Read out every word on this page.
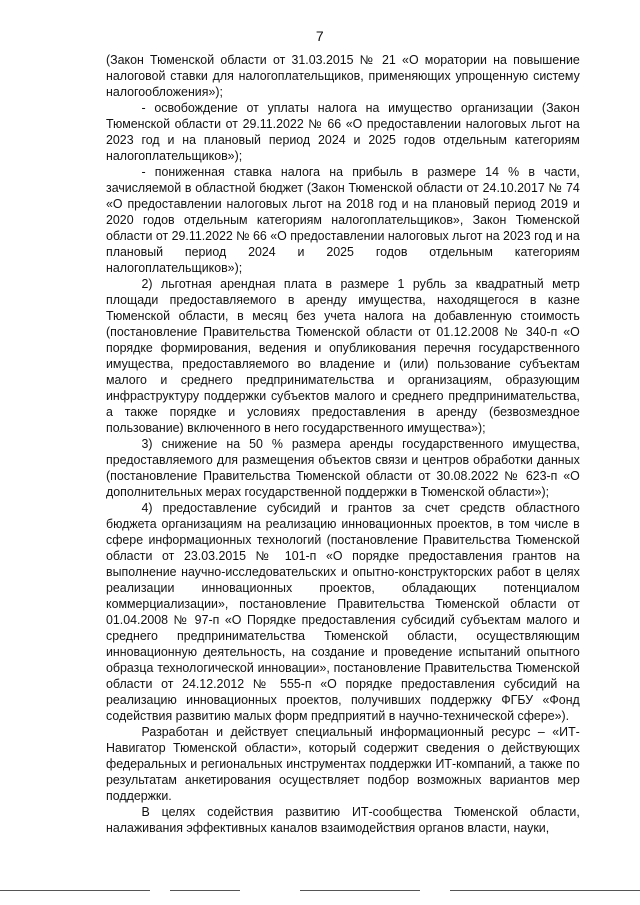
7

(Закон Тюменской области от 31.03.2015 № 21 «О моратории на повышение налоговой ставки для налогоплательщиков, применяющих упрощенную систему налогообложения»);

- освобождение от уплаты налога на имущество организации (Закон Тюменской области от 29.11.2022 № 66 «О предоставлении налоговых льгот на 2023 год и на плановый период 2024 и 2025 годов отдельным категориям налогоплательщиков»);

- пониженная ставка налога на прибыль в размере 14 % в части, зачисляемой в областной бюджет (Закон Тюменской области от 24.10.2017 № 74 «О предоставлении налоговых льгот на 2018 год и на плановый период 2019 и 2020 годов отдельным категориям налогоплательщиков», Закон Тюменской области от 29.11.2022 № 66 «О предоставлении налоговых льгот на 2023 год и на плановый период 2024 и 2025 годов отдельным категориям налогоплательщиков»);

2) льготная арендная плата в размере 1 рубль за квадратный метр площади предоставляемого в аренду имущества, находящегося в казне Тюменской области, в месяц без учета налога на добавленную стоимость (постановление Правительства Тюменской области от 01.12.2008 № 340-п «О порядке формирования, ведения и опубликования перечня государственного имущества, предоставляемого во владение и (или) пользование субъектам малого и среднего предпринимательства и организациям, образующим инфраструктуру поддержки субъектов малого и среднего предпринимательства, а также порядке и условиях предоставления в аренду (безвозмездное пользование) включенного в него государственного имущества»);

3) снижение на 50 % размера аренды государственного имущества, предоставляемого для размещения объектов связи и центров обработки данных (постановление Правительства Тюменской области от 30.08.2022 № 623-п «О дополнительных мерах государственной поддержки в Тюменской области»);

4) предоставление субсидий и грантов за счет средств областного бюджета организациям на реализацию инновационных проектов, в том числе в сфере информационных технологий (постановление Правительства Тюменской области от 23.03.2015 № 101-п «О порядке предоставления грантов на выполнение научно-исследовательских и опытно-конструкторских работ в целях реализации инновационных проектов, обладающих потенциалом коммерциализации», постановление Правительства Тюменской области от 01.04.2008 № 97-п «О Порядке предоставления субсидий субъектам малого и среднего предпринимательства Тюменской области, осуществляющим инновационную деятельность, на создание и проведение испытаний опытного образца технологической инновации», постановление Правительства Тюменской области от 24.12.2012 № 555-п «О порядке предоставления субсидий на реализацию инновационных проектов, получивших поддержку ФГБУ «Фонд содействия развитию малых форм предприятий в научно-технической сфере»).

Разработан и действует специальный информационный ресурс – «ИТ-Навигатор Тюменской области», который содержит сведения о действующих федеральных и региональных инструментах поддержки ИТ-компаний, а также по результатам анкетирования осуществляет подбор возможных вариантов мер поддержки.

В целях содействия развитию ИТ-сообщества Тюменской области, налаживания эффективных каналов взаимодействия органов власти, науки,
